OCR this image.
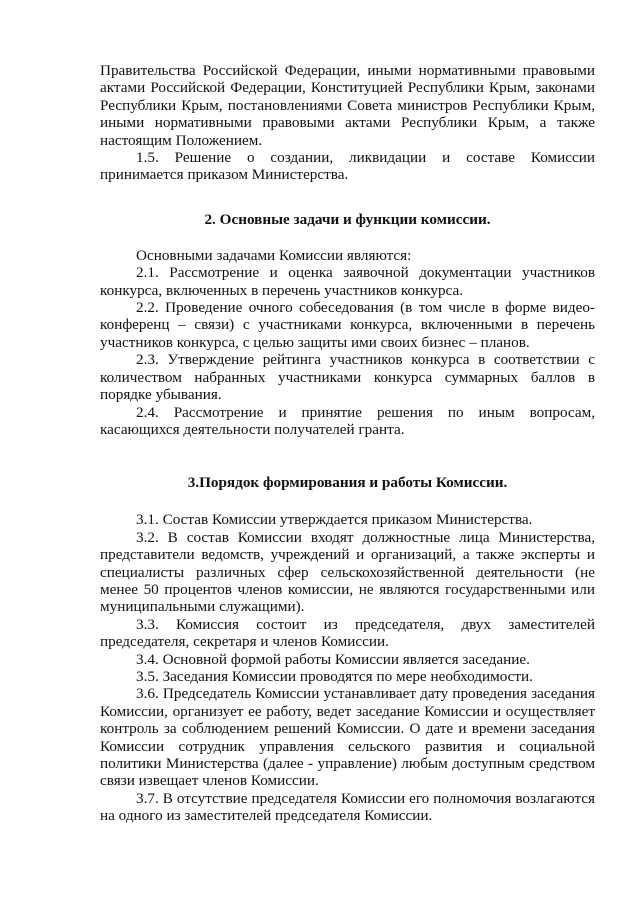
Правительства Российской Федерации, иными нормативными правовыми актами Российской Федерации, Конституцией Республики Крым, законами Республики Крым, постановлениями Совета министров Республики Крым, иными нормативными правовыми актами Республики Крым, а также настоящим Положением.

1.5. Решение о создании, ликвидации и составе Комиссии принимается приказом Министерства.

2. Основные задачи и функции комиссии.

Основными задачами Комиссии являются:

2.1. Рассмотрение и оценка заявочной документации участников конкурса, включенных в перечень участников конкурса.

2.2. Проведение очного собеседования (в том числе в форме видео-конференц – связи) с участниками конкурса, включенными в перечень участников конкурса, с целью защиты ими своих бизнес – планов.

2.3. Утверждение рейтинга участников конкурса в соответствии с количеством набранных участниками конкурса суммарных баллов в порядке убывания.

2.4. Рассмотрение и принятие решения по иным вопросам, касающихся деятельности получателей гранта.

3.Порядок формирования и работы Комиссии.

3.1. Состав Комиссии утверждается приказом Министерства.

3.2. В состав Комиссии входят должностные лица Министерства, представители ведомств, учреждений и организаций, а также эксперты и специалисты различных сфер сельскохозяйственной деятельности (не менее 50 процентов членов комиссии, не являются государственными или муниципальными служащими).

3.3. Комиссия состоит из председателя, двух заместителей председателя, секретаря и членов Комиссии.

3.4. Основной формой работы Комиссии является заседание.

3.5. Заседания Комиссии проводятся по мере необходимости.

3.6. Председатель Комиссии устанавливает дату проведения заседания Комиссии, организует ее работу, ведет заседание Комиссии и осуществляет контроль за соблюдением решений Комиссии. О дате и времени заседания Комиссии сотрудник управления сельского развития и социальной политики Министерства (далее - управление) любым доступным средством связи извещает членов Комиссии.

3.7. В отсутствие председателя Комиссии его полномочия возлагаются на одного из заместителей председателя Комиссии.
